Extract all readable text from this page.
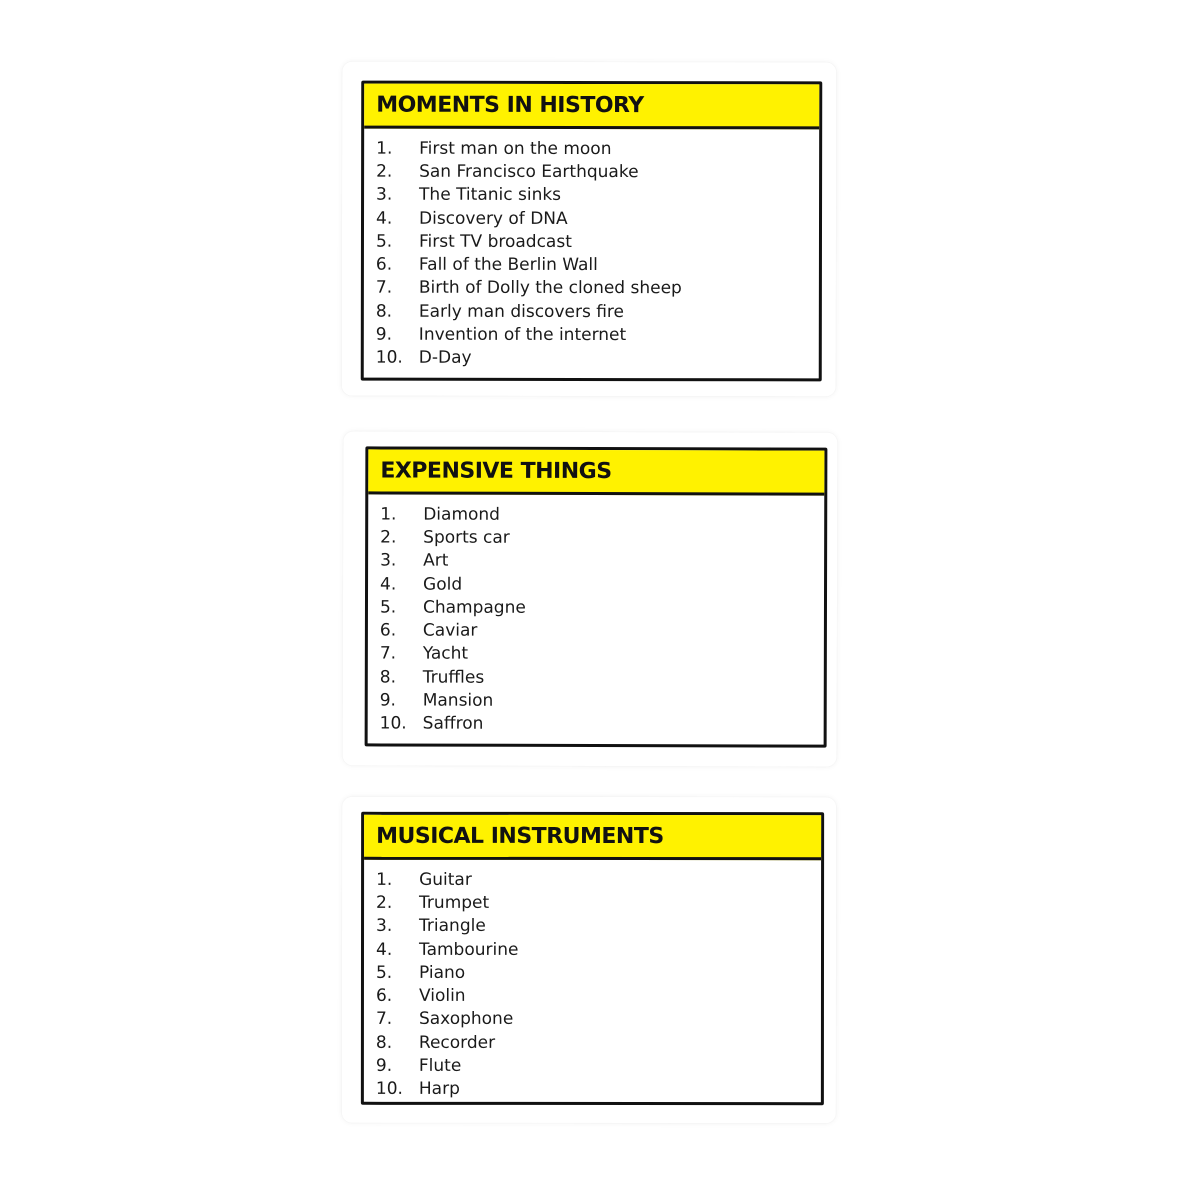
MOMENTS IN HISTORY
1.	First man on the moon
2.	San Francisco Earthquake
3.	The Titanic sinks
4.	Discovery of DNA
5.	First TV broadcast
6.	Fall of the Berlin Wall
7.	Birth of Dolly the cloned sheep
8.	Early man discovers fire
9.	Invention of the internet
10. D-Day
EXPENSIVE THINGS
1.	Diamond
2.	Sports car
3.	Art
4.	Gold
5.	Champagne
6.	Caviar
7.	Yacht
8.	Truffles
9.	Mansion
10. Saffron
MUSICAL INSTRUMENTS
1.	Guitar
2.	Trumpet
3.	Triangle
4.	Tambourine
5.	Piano
6.	Violin
7.	Saxophone
8.	Recorder
9.	Flute
10. Harp
